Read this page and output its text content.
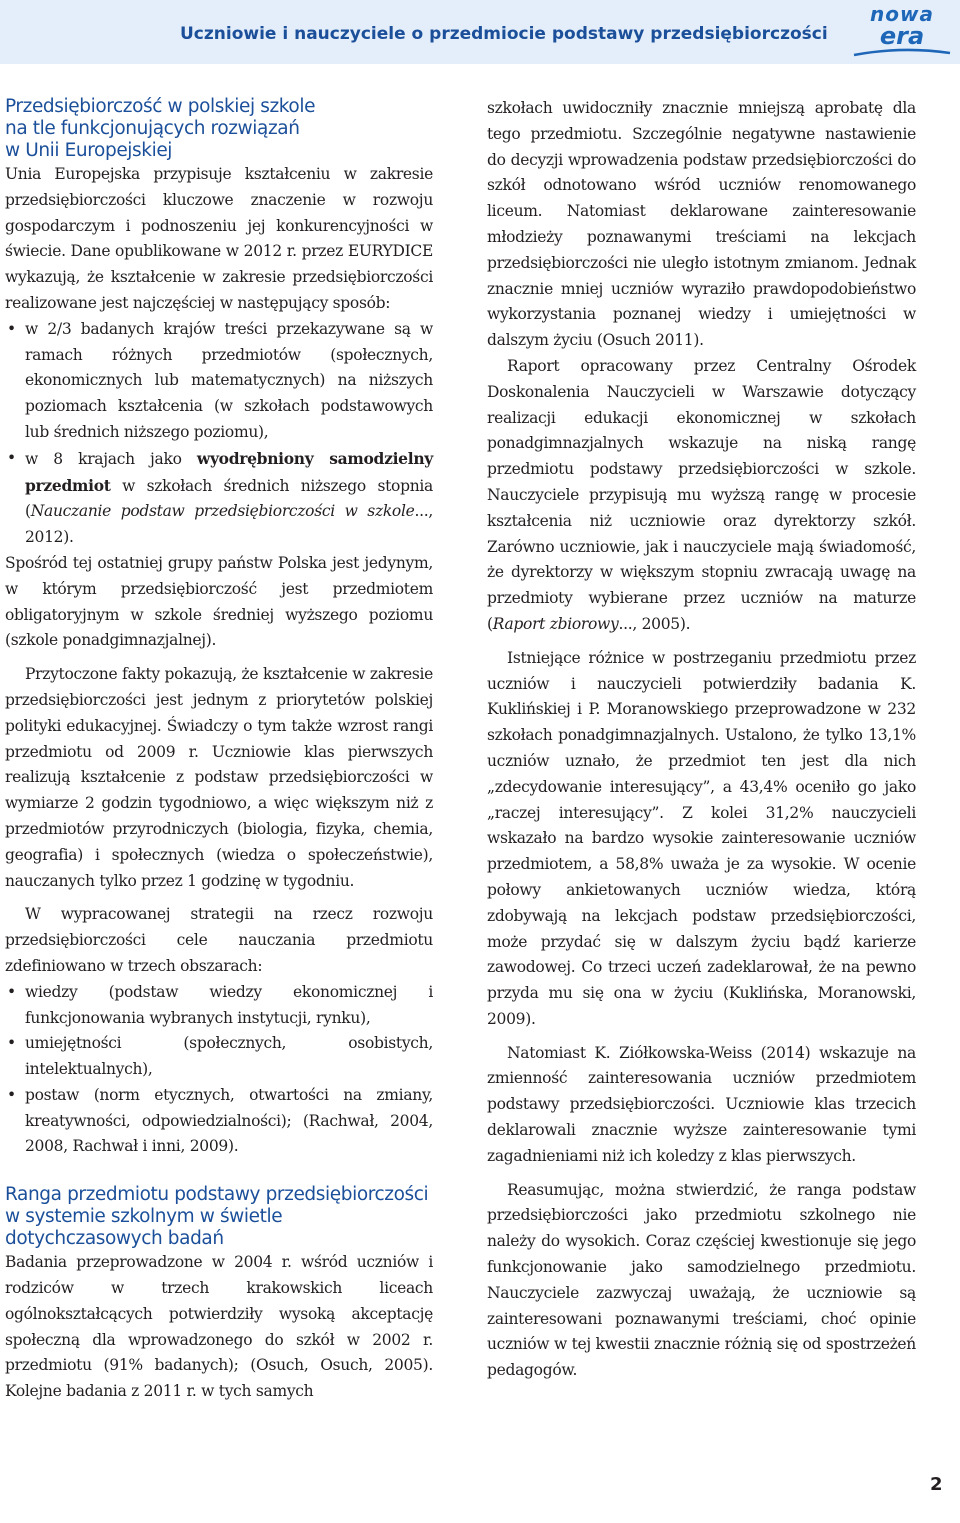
Uczniowie i nauczyciele o przedmiocie podstawy przedsiębiorczości
nowa
era
Przedsiębiorczość w polskiej szkole
na tle funkcjonujących rozwiązań
w Unii Europejskiej

Unia Europejska przypisuje kształceniu w zakresie przedsiębiorczości kluczowe znaczenie w rozwoju gospodarczym i podnoszeniu jej konkurencyjności w świecie. Dane opublikowane w 2012 r. przez EURYDICE wykazują, że kształcenie w zakresie przedsiębiorczości realizowane jest najczęściej w następujący sposób:

• w 2/3 badanych krajów treści przekazywane są w ramach różnych przedmiotów (społecznych, ekonomicznych lub matematycznych) na niższych poziomach kształcenia (w szkołach podstawowych lub średnich niższego poziomu),
• w 8 krajach jako wyodrębniony samodzielny przedmiot w szkołach średnich niższego stopnia (Nauczanie podstaw przedsiębiorczości w szkole..., 2012).

Spośród tej ostatniej grupy państw Polska jest jedynym, w którym przedsiębiorczość jest przedmiotem obligatoryjnym w szkole średniej wyższego poziomu (szkole ponadgimnazjalnej).

Przytoczone fakty pokazują, że kształcenie w zakresie przedsiębiorczości jest jednym z priorytetów polskiej polityki edukacyjnej. Świadczy o tym także wzrost rangi przedmiotu od 2009 r. Uczniowie klas pierwszych realizują kształcenie z podstaw przedsiębiorczości w wymiarze 2 godzin tygodniowo, a więc większym niż z przedmiotów przyrodniczych (biologia, fizyka, chemia, geografia) i społecznych (wiedza o społeczeństwie), nauczanych tylko przez 1 godzinę w tygodniu.

W wypracowanej strategii na rzecz rozwoju przedsiębiorczości cele nauczania przedmiotu zdefiniowano w trzech obszarach:

• wiedzy (podstaw wiedzy ekonomicznej i funkcjonowania wybranych instytucji, rynku),
• umiejętności (społecznych, osobistych, intelektualnych),
• postaw (norm etycznych, otwartości na zmiany, kreatywności, odpowiedzialności); (Rachwał, 2004, 2008, Rachwał i inni, 2009).
Ranga przedmiotu podstawy przedsiębiorczości w systemie szkolnym w świetle
dotychczasowych badań

Badania przeprowadzone w 2004 r. wśród uczniów i rodziców w trzech krakowskich liceach ogólnokształcących potwierdziły wysoką akceptację społeczną dla wprowadzonego do szkół w 2002 r. przedmiotu (91% badanych); (Osuch, Osuch, 2005). Kolejne badania z 2011 r. w tych samych

szkołach uwidoczniły znacznie mniejszą aprobatę dla tego przedmiotu. Szczególnie negatywne nastawienie do decyzji wprowadzenia podstaw przedsiębiorczości do szkół odnotowano wśród uczniów renomowanego liceum. Natomiast deklarowane zainteresowanie młodzieży poznawanymi treściami na lekcjach przedsiębiorczości nie uległo istotnym zmianom. Jednak znacznie mniej uczniów wyraziło prawdopodobieństwo wykorzystania poznanej wiedzy i umiejętności w dalszym życiu (Osuch 2011).

Raport opracowany przez Centralny Ośrodek Doskonalenia Nauczycieli w Warszawie dotyczący realizacji edukacji ekonomicznej w szkołach ponadgimnazjalnych wskazuje na niską rangę przedmiotu podstawy przedsiębiorczości w szkole. Nauczyciele przypisują mu wyższą rangę w procesie kształcenia niż uczniowie oraz dyrektorzy szkół. Zarówno uczniowie, jak i nauczyciele mają świadomość, że dyrektorzy w większym stopniu zwracają uwagę na przedmioty wybierane przez uczniów na maturze (Raport zbiorowy..., 2005).

Istniejące różnice w postrzeganiu przedmiotu przez uczniów i nauczycieli potwierdziły badania K. Kuklińskiej i P. Moranowskiego przeprowadzone w 232 szkołach ponadgimnazjalnych. Ustalono, że tylko 13,1% uczniów uznało, że przedmiot ten jest dla nich „zdecydowanie interesujący”, a 43,4% oceniło go jako „raczej interesujący”. Z kolei 31,2% nauczycieli wskazało na bardzo wysokie zainteresowanie uczniów przedmiotem, a 58,8% uważa je za wysokie. W ocenie połowy ankietowanych uczniów wiedza, którą zdobywają na lekcjach podstaw przedsiębiorczości, może przydać się w dalszym życiu bądź karierze zawodowej. Co trzeci uczeń zadeklarował, że na pewno przyda mu się ona w życiu (Kuklińska, Moranowski, 2009).

Natomiast K. Ziółkowska-Weiss (2014) wskazuje na zmienność zainteresowania uczniów przedmiotem podstawy przedsiębiorczości. Uczniowie klas trzecich deklarowali znacznie wyższe zainteresowanie tymi zagadnieniami niż ich koledzy z klas pierwszych.

Reasumując, można stwierdzić, że ranga podstaw przedsiębiorczości jako przedmiotu szkolnego nie należy do wysokich. Coraz częściej kwestionuje się jego funkcjonowanie jako samodzielnego przedmiotu. Nauczyciele zazwyczaj uważają, że uczniowie są zainteresowani poznawanymi treściami, choć opinie uczniów w tej kwestii znacznie różnią się od spostrzeżeń pedagogów.

2
